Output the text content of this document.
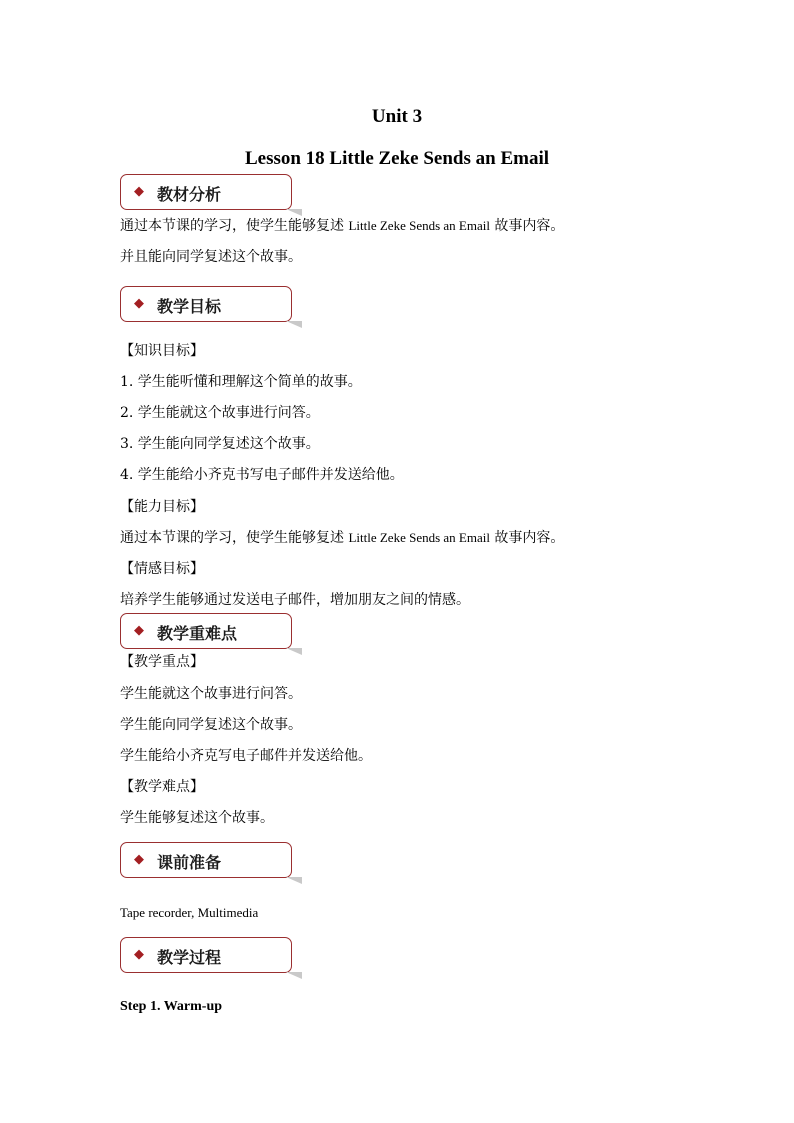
Unit 3
Lesson 18 Little Zeke Sends an Email
◆ 教材分析
通过本节课的学习，使学生能够复述 Little Zeke Sends an Email 故事内容。
并且能向同学复述这个故事。
◆ 教学目标
【知识目标】
1. 学生能听懂和理解这个简单的故事。
2. 学生能就这个故事进行问答。
3. 学生能向同学复述这个故事。
4. 学生能给小齐克书写电子邮件并发送给他。
【能力目标】
通过本节课的学习，使学生能够复述 Little Zeke Sends an Email 故事内容。
【情感目标】
培养学生能够通过发送电子邮件，增加朋友之间的情感。
◆ 教学重难点
【教学重点】
学生能就这个故事进行问答。
学生能向同学复述这个故事。
学生能给小齐克写电子邮件并发送给他。
【教学难点】
学生能够复述这个故事。
◆ 课前准备
Tape recorder, Multimedia
◆ 教学过程
Step 1. Warm-up
